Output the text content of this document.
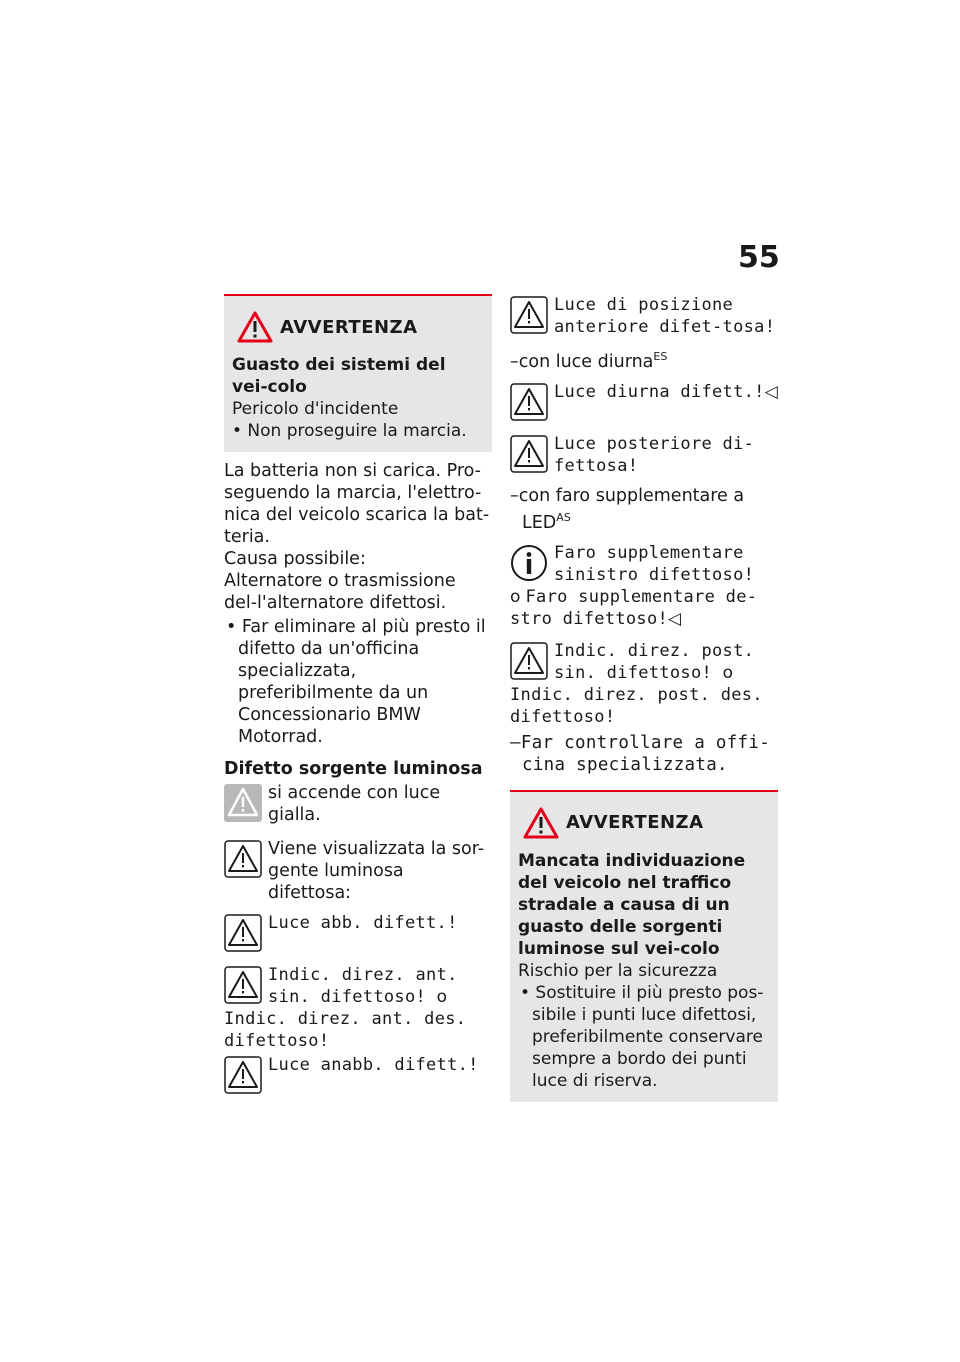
55
AVVERTENZA

Guasto dei sistemi del vei-colo

Pericolo d'incidente

• Non proseguire la marcia.

La batteria non si carica. Pro-seguendo la marcia, l'elettro-nica del veicolo scarica la bat-teria.

Causa possibile:

Alternatore o trasmissione del-l'alternatore difettosi.

• Far eliminare al più presto il difetto da un'officina specializzata, preferibilmente da un Concessionario BMW Motorrad.

Difetto sorgente luminosa

si accende con luce gialla.

Viene visualizzata la sor-gente luminosa difettosa:

Luce abb. difett.!

Indic. direz. ant. sin. difettoso! o

Indic. direz. ant. des. difettoso!

Luce anabb. difett.!

Luce di posizione anteriore difet-tosa!

–con luce diurna$^{ES}$

Luce diurna difett.!◁

Luce posteriore di-fettosa!

–con faro supplementare a $LED^{AS}$

Faro supplementare sinistro difettoso!

o Faro supplementare de-stro difettoso!◁

Indic. direz. post. sin. difettoso! o

Indic. direz. post. des. difettoso!

–Far controllare a offi-cina specializzata.

AVVERTENZA

Mancata individuazione del veicolo nel traffico stradale a causa di un guasto delle sorgenti luminose sul vei-colo

Rischio per la sicurezza

• Sostituire il più presto pos-sibile i punti luce difettosi, preferibilmente conservare sempre a bordo dei punti luce di riserva.
